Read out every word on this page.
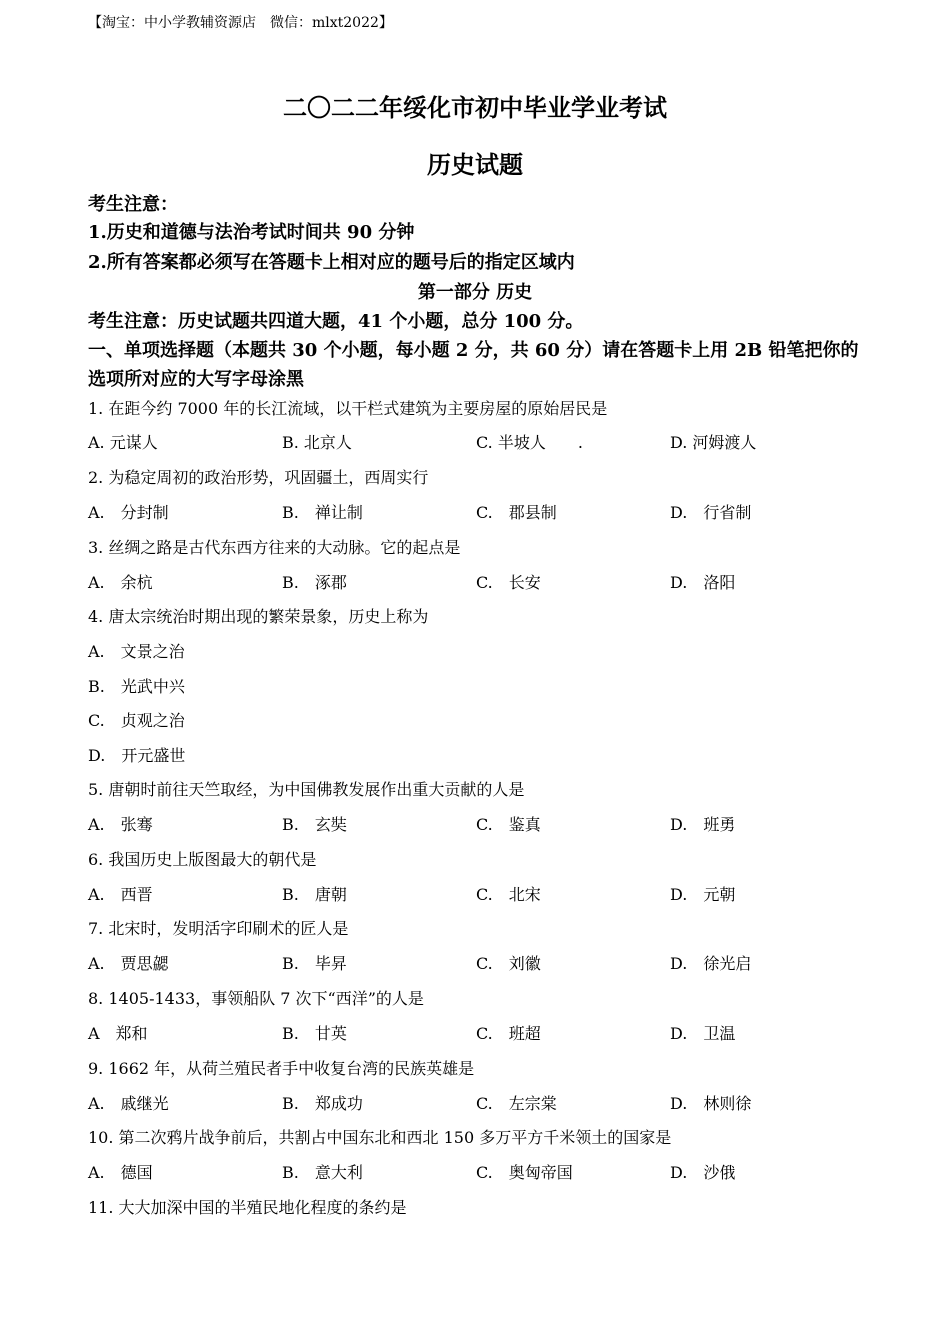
【淘宝：中小学教辅资源店　微信：mlxt2022】
二〇二二年绥化市初中毕业学业考试
历史试题
考生注意：
1.历史和道德与法治考试时间共 90 分钟
2.所有答案都必须写在答题卡上相对应的题号后的指定区域内
第一部分 历史
考生注意：历史试题共四道大题，41 个小题，总分 100 分。
一、单项选择题（本题共 30 个小题，每小题 2 分，共 60 分）请在答题卡上用 2B 铅笔把你的
选项所对应的大写字母涂黑
1. 在距今约 7000 年的长江流域，以干栏式建筑为主要房屋的原始居民是
A. 元谋人	B. 北京人	C. 半坡人　　.	D. 河姆渡人
2. 为稳定周初的政治形势，巩固疆土，西周实行
A.　分封制	B.　禅让制	C.　郡县制	D.　行省制
3. 丝绸之路是古代东西方往来的大动脉。它的起点是
A.　余杭	B.　涿郡	C.　长安	D.　洛阳
4. 唐太宗统治时期出现的繁荣景象，历史上称为
A.　文景之治
B.　光武中兴
C.　贞观之治
D.　开元盛世
5. 唐朝时前往天竺取经，为中国佛教发展作出重大贡献的人是
A.　张骞	B.　玄奘	C.　鉴真	D.　班勇
6. 我国历史上版图最大的朝代是
A.　西晋	B.　唐朝	C.　北宋	D.　元朝
7. 北宋时，发明活字印刷术的匠人是
A.　贾思勰	B.　毕昇	C.　刘徽	D.　徐光启
8. 1405-1433，事领船队 7 次下“西洋”的人是
A　郑和	B.　甘英	C.　班超	D.　卫温
9. 1662 年，从荷兰殖民者手中收复台湾的民族英雄是
A.　戚继光	B.　郑成功	C.　左宗棠	D.　林则徐
10. 第二次鸦片战争前后，共割占中国东北和西北 150 多万平方千米领土的国家是
A.　德国	B.　意大利	C.　奥匈帝国	D.　沙俄
11. 大大加深中国的半殖民地化程度的条约是
